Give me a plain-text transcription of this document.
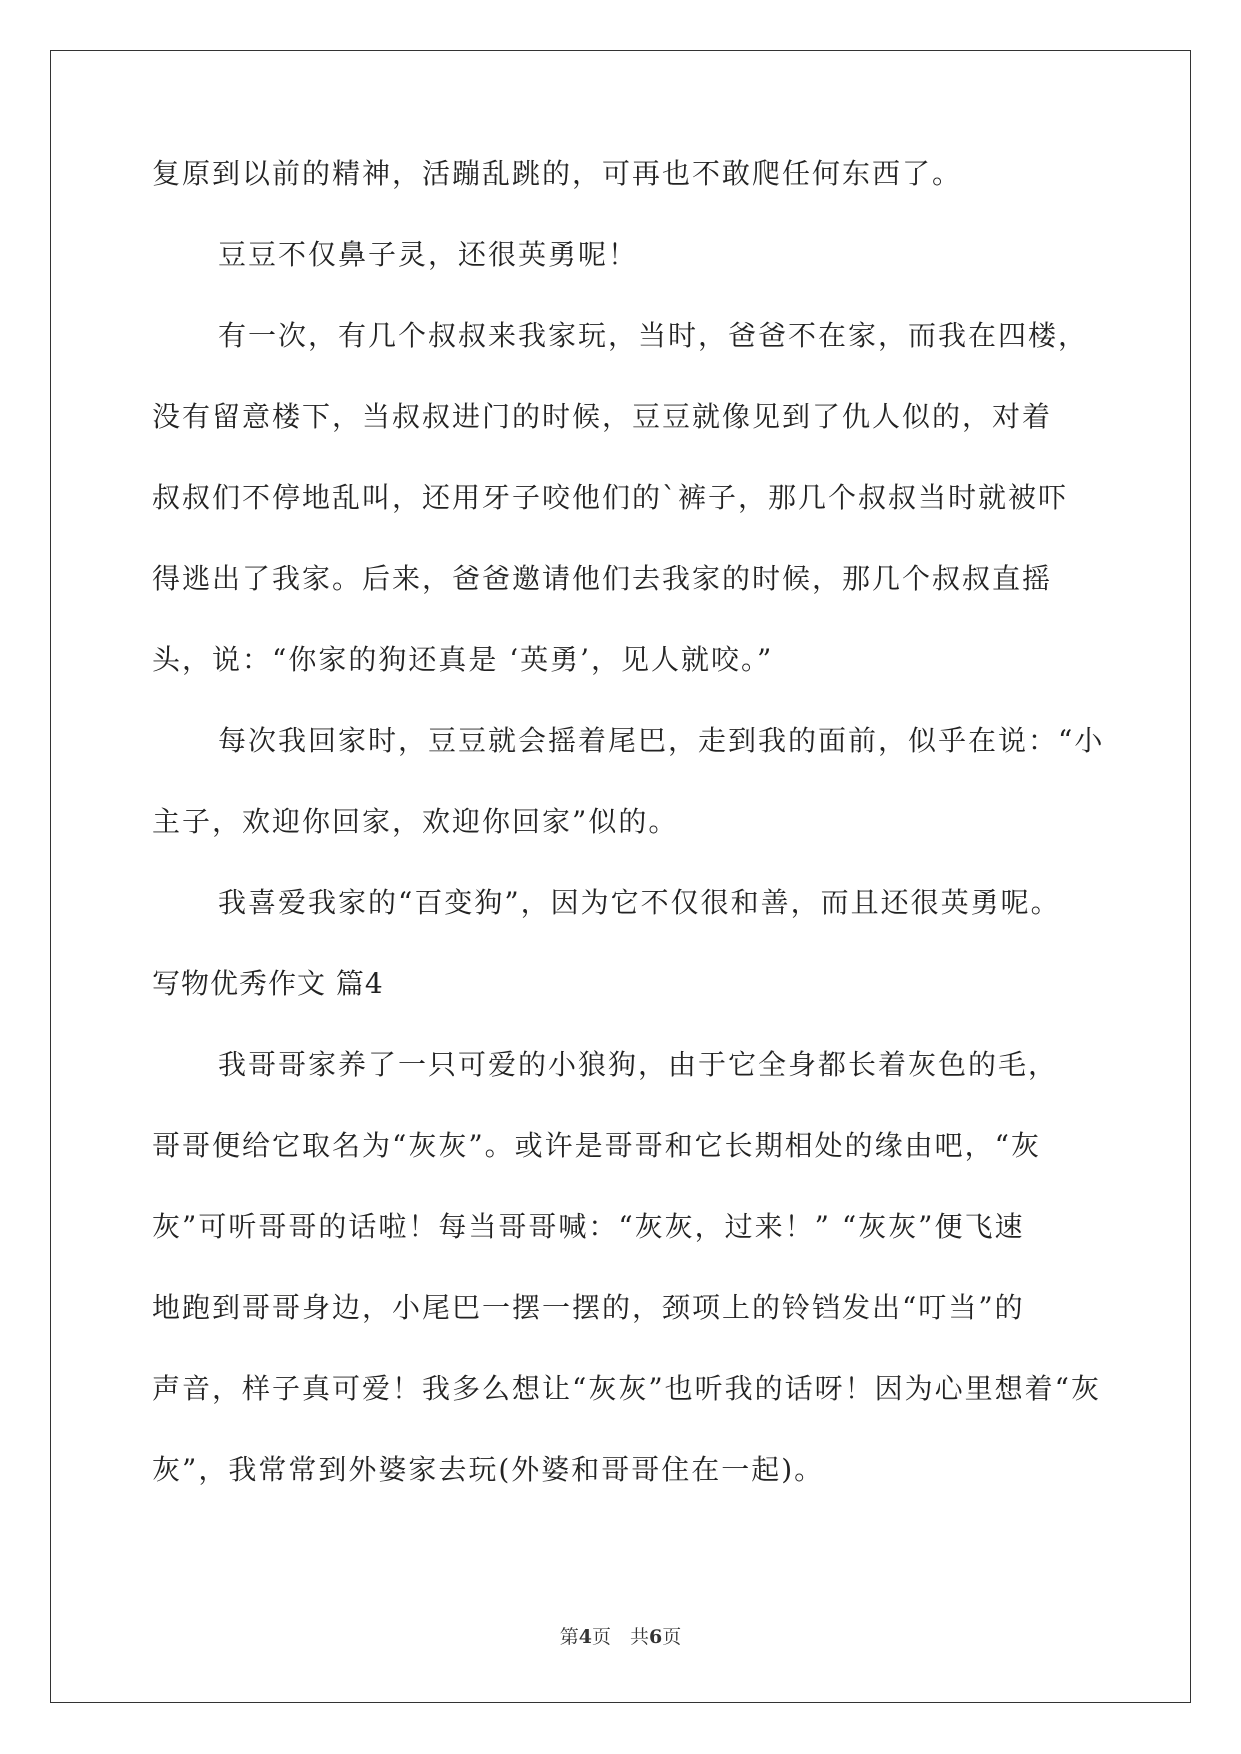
复原到以前的精神，活蹦乱跳的，可再也不敢爬任何东西了。
豆豆不仅鼻子灵，还很英勇呢！
有一次，有几个叔叔来我家玩，当时，爸爸不在家，而我在四楼，
没有留意楼下，当叔叔进门的时候，豆豆就像见到了仇人似的，对着
叔叔们不停地乱叫，还用牙子咬他们的`裤子，那几个叔叔当时就被吓
得逃出了我家。后来，爸爸邀请他们去我家的时候，那几个叔叔直摇
头，说：“你家的狗还真是 ‘英勇’，见人就咬。”
每次我回家时，豆豆就会摇着尾巴，走到我的面前，似乎在说：“小
主子，欢迎你回家，欢迎你回家”似的。
我喜爱我家的“百变狗”，因为它不仅很和善，而且还很英勇呢。
写物优秀作文 篇4
我哥哥家养了一只可爱的小狼狗，由于它全身都长着灰色的毛，
哥哥便给它取名为“灰灰”。或许是哥哥和它长期相处的缘由吧，“灰
灰”可听哥哥的话啦！每当哥哥喊：“灰灰，过来！” “灰灰”便飞速
地跑到哥哥身边，小尾巴一摆一摆的，颈项上的铃铛发出“叮当”的
声音，样子真可爱！我多么想让“灰灰”也听我的话呀！因为心里想着“灰
灰”，我常常到外婆家去玩(外婆和哥哥住在一起)。
第4页　共6页
